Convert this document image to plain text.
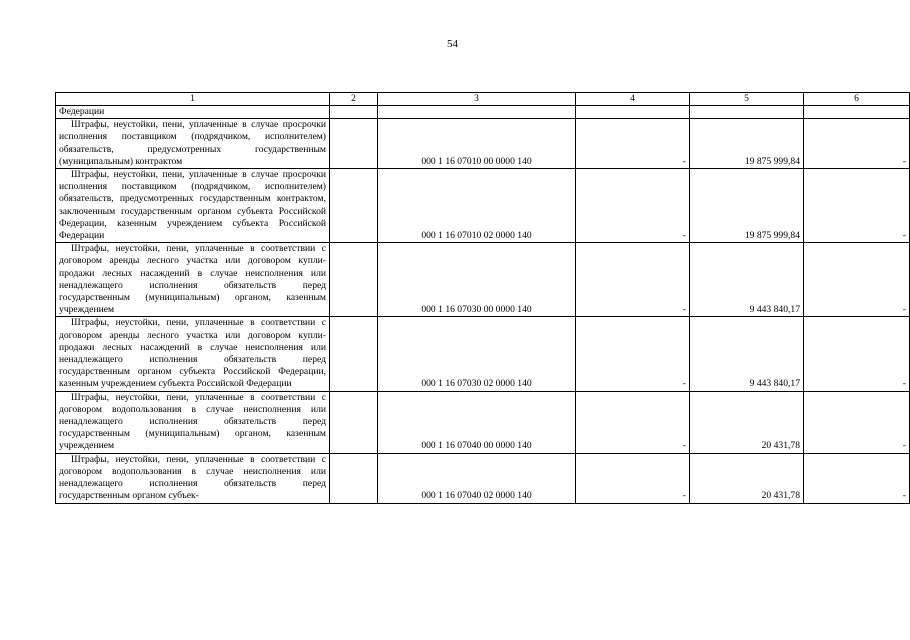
54
1	2	3	4	5	6
Федерации					

Штрафы, неустойки, пени, уплаченные в случае просрочки исполнения поставщиком (подрядчиком, исполнителем) обязательств, предусмотренных государственным (муниципальным) контрактом		000 1 16 07010 00 0000 140	-	19 875 999,84	-

Штрафы, неустойки, пени, уплаченные в случае просрочки исполнения поставщиком (подрядчиком, исполнителем) обязательств, предусмотренных государственным контрактом, заключенным государственным органом субъекта Российской Федерации, казенным учреждением субъекта Российской Федерации		000 1 16 07010 02 0000 140	-	19 875 999,84	-

Штрафы, неустойки, пени, уплаченные в соответствии с договором аренды лесного участка или договором купли-продажи лесных насаждений в случае неисполнения или ненадлежащего исполнения обязательств перед государственным (муниципальным) органом, казенным учреждением		000 1 16 07030 00 0000 140	-	9 443 840,17	-

Штрафы, неустойки, пени, уплаченные в соответствии с договором аренды лесного участка или договором купли-продажи лесных насаждений в случае неисполнения или ненадлежащего исполнения обязательств перед государственным органом субъекта Российской Федерации, казенным учреждением субъекта Российской Федерации		000 1 16 07030 02 0000 140	-	9 443 840,17	-

Штрафы, неустойки, пени, уплаченные в соответствии с договором водопользования в случае неисполнения или ненадлежащего исполнения обязательств перед государственным (муниципальным) органом, казенным учреждением		000 1 16 07040 00 0000 140	-	20 431,78	-

Штрафы, неустойки, пени, уплаченные в соответствии с договором водопользования в случае неисполнения или ненадлежащего исполнения обязательств перед государственным органом субъек-		000 1 16 07040 02 0000 140	-	20 431,78	-
